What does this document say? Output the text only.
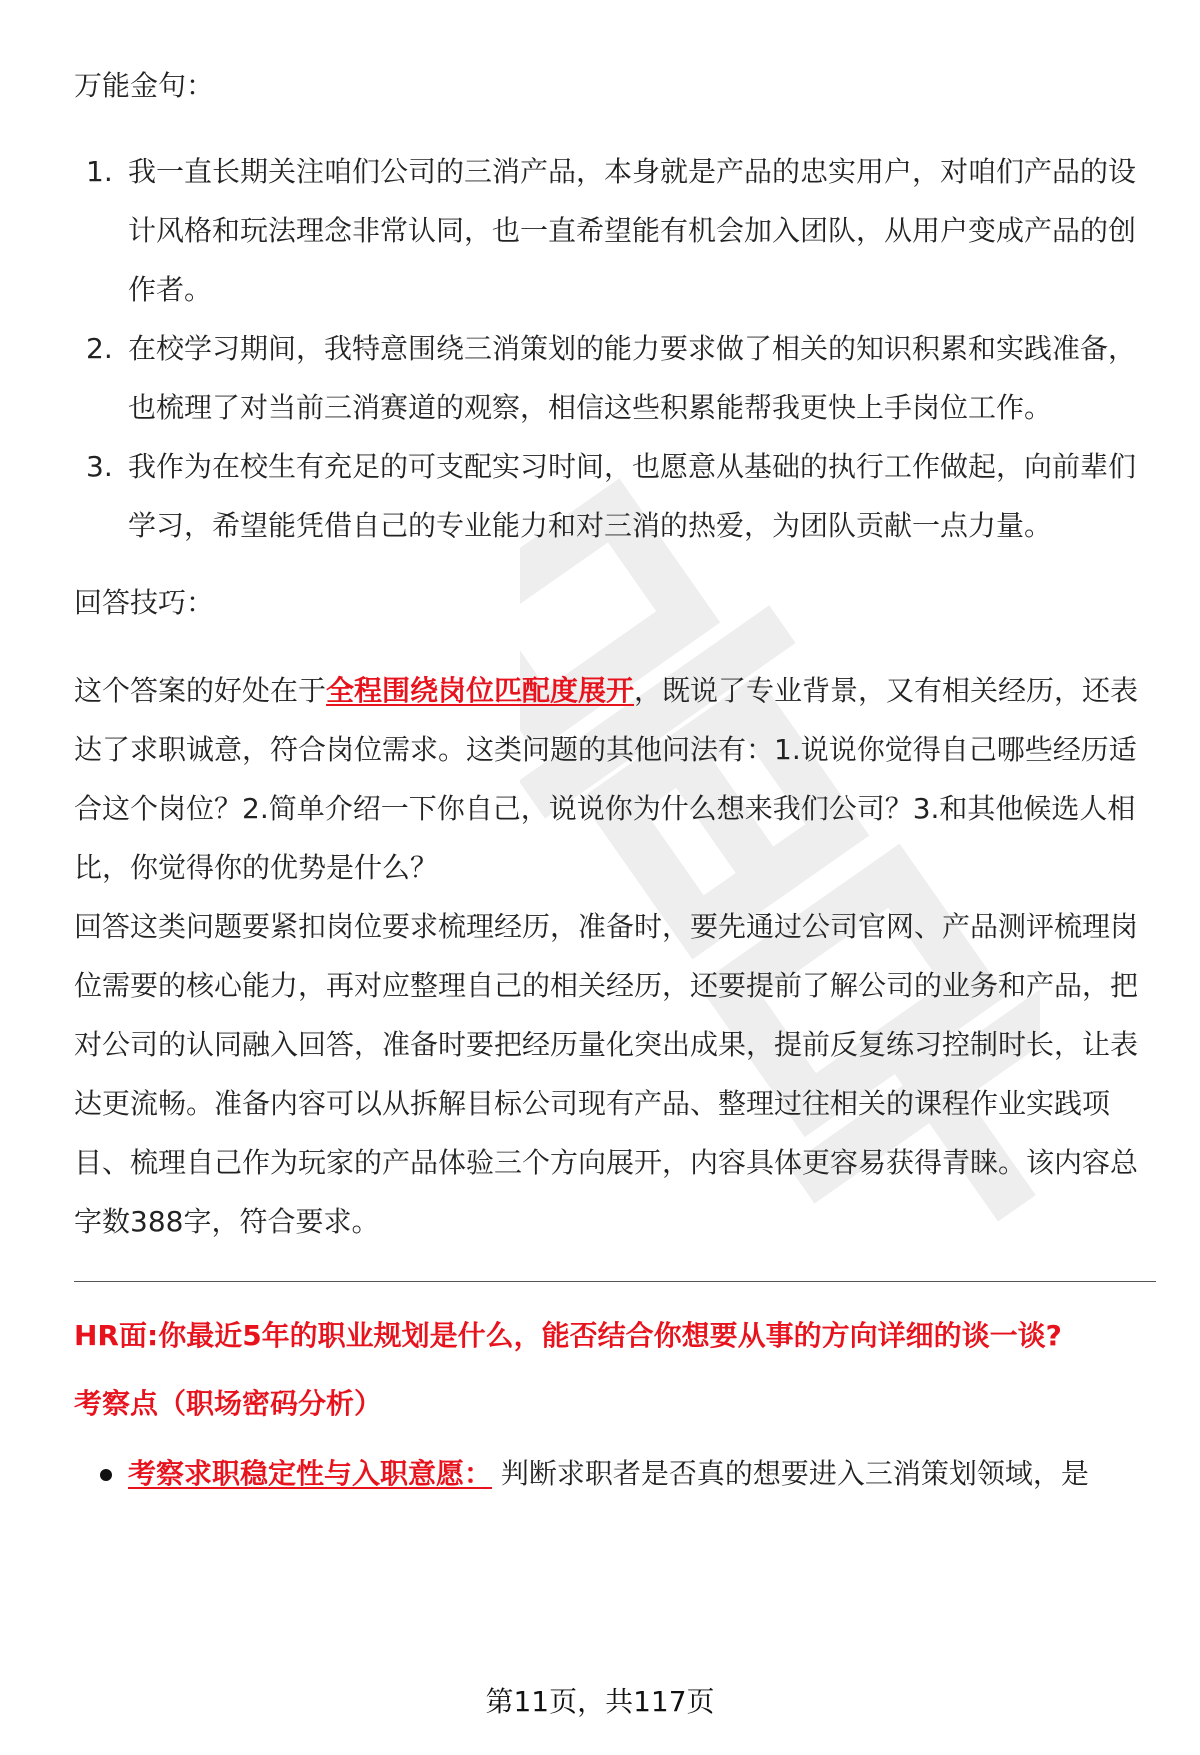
万能金句：
1. 我一直长期关注咱们公司的三消产品，本身就是产品的忠实用户，对咱们产品的设计风格和玩法理念非常认同，也一直希望能有机会加入团队，从用户变成产品的创作者。
2. 在校学习期间，我特意围绕三消策划的能力要求做了相关的知识积累和实践准备，也梳理了对当前三消赛道的观察，相信这些积累能帮我更快上手岗位工作。
3. 我作为在校生有充足的可支配实习时间，也愿意从基础的执行工作做起，向前辈们学习，希望能凭借自己的专业能力和对三消的热爱，为团队贡献一点力量。
回答技巧：

这个答案的好处在于全程围绕岗位匹配度展开，既说了专业背景，又有相关经历，还表达了求职诚意，符合岗位需求。这类问题的其他问法有：1.说说你觉得自己哪些经历适合这个岗位？2.简单介绍一下你自己，说说你为什么想来我们公司？3.和其他候选人相比，你觉得你的优势是什么？

回答这类问题要紧扣岗位要求梳理经历，准备时，要先通过公司官网、产品测评梳理岗位需要的核心能力，再对应整理自己的相关经历，还要提前了解公司的业务和产品，把对公司的认同融入回答，准备时要把经历量化突出成果，提前反复练习控制时长，让表达更流畅。准备内容可以从拆解目标公司现有产品、整理过往相关的课程作业实践项目、梳理自己作为玩家的产品体验三个方向展开，内容具体更容易获得青睐。该内容总字数388字，符合要求。

HR面:你最近5年的职业规划是什么，能否结合你想要从事的方向详细的谈一谈?
考察点（职场密码分析）
考察求职稳定性与入职意愿： 判断求职者是否真的想要进入三消策划领域，是
第11页，共117页
